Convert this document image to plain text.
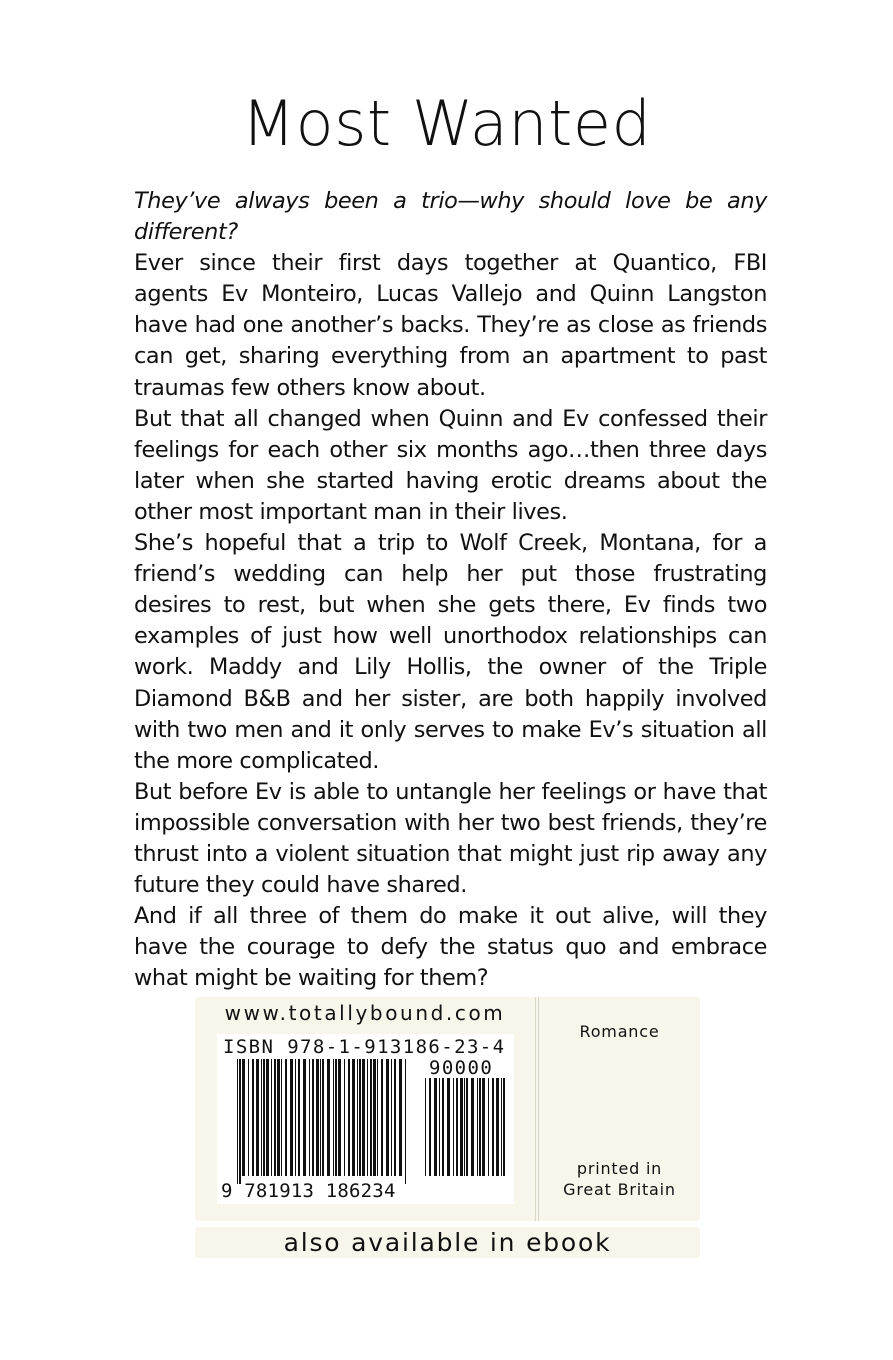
Most Wanted

They’ve always been a trio—why should love be any different?

Ever since their first days together at Quantico, FBI agents Ev Monteiro, Lucas Vallejo and Quinn Langston have had one another’s backs. They’re as close as friends can get, sharing everything from an apartment to past traumas few others know about.

But that all changed when Quinn and Ev confessed their feelings for each other six months ago…then three days later when she started having erotic dreams about the other most important man in their lives.

She’s hopeful that a trip to Wolf Creek, Montana, for a friend’s wedding can help her put those frustrating desires to rest, but when she gets there, Ev finds two examples of just how well unorthodox relationships can work. Maddy and Lily Hollis, the owner of the Triple Diamond B&B and her sister, are both happily involved with two men and it only serves to make Ev’s situation all the more complicated.

But before Ev is able to untangle her feelings or have that impossible conversation with her two best friends, they’re thrust into a violent situation that might just rip away any future they could have shared.

And if all three of them do make it out alive, will they have the courage to defy the status quo and embrace what might be waiting for them?

www.totallybound.com
ISBN 978-1-913186-23-4
90000
9 781913 186234
Romance
printed in
Great Britain
also available in ebook
